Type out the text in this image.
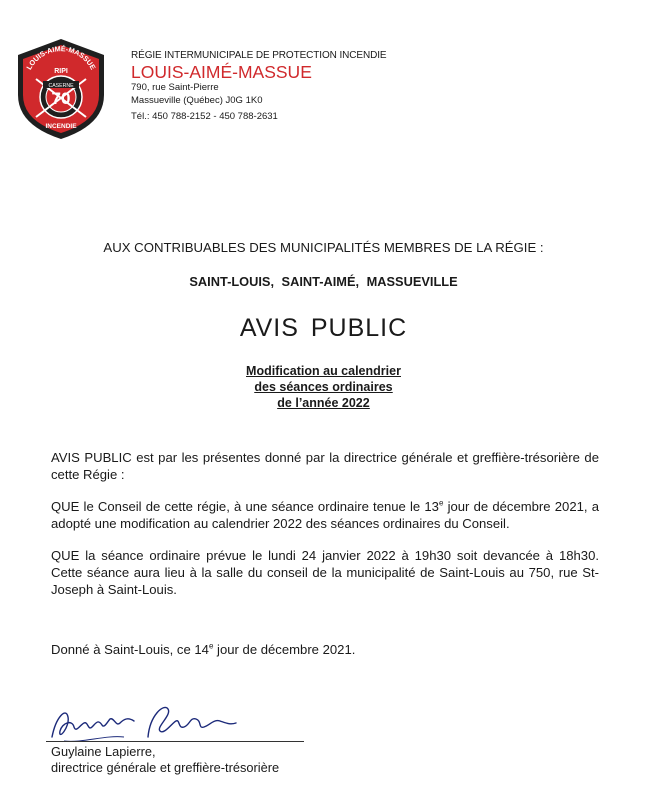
LOUIS-AIMÉ-MASSUE
RIPI
CASERNE
70
INCENDIE

RÉGIE INTERMUNICIPALE DE PROTECTION INCENDIE

LOUIS-AIMÉ-MASSUE

790, rue Saint-Pierre

Massueville (Québec) J0G 1K0

Tél.: 450 788-2152 - 450 788-2631

AUX CONTRIBUABLES DES MUNICIPALITÉS MEMBRES DE LA RÉGIE :
SAINT-LOUIS, SAINT-AIMÉ, MASSUEVILLE
AVIS PUBLIC
Modification au calendrier
des séances ordinaires
de l’année 2022

AVIS PUBLIC est par les présentes donné par la directrice générale et greffière-trésorière de cette Régie :

QUE le Conseil de cette régie, à une séance ordinaire tenue le 13e jour de décembre 2021, a adopté une modification au calendrier 2022 des séances ordinaires du Conseil.

QUE la séance ordinaire prévue le lundi 24 janvier 2022 à 19h30 soit devancée à 18h30. Cette séance aura lieu à la salle du conseil de la municipalité de Saint-Louis au 750, rue St-Joseph à Saint-Louis.

Donné à Saint-Louis, ce 14e jour de décembre 2021.
Guylaine Lapierre,
directrice générale et greffière-trésorière
